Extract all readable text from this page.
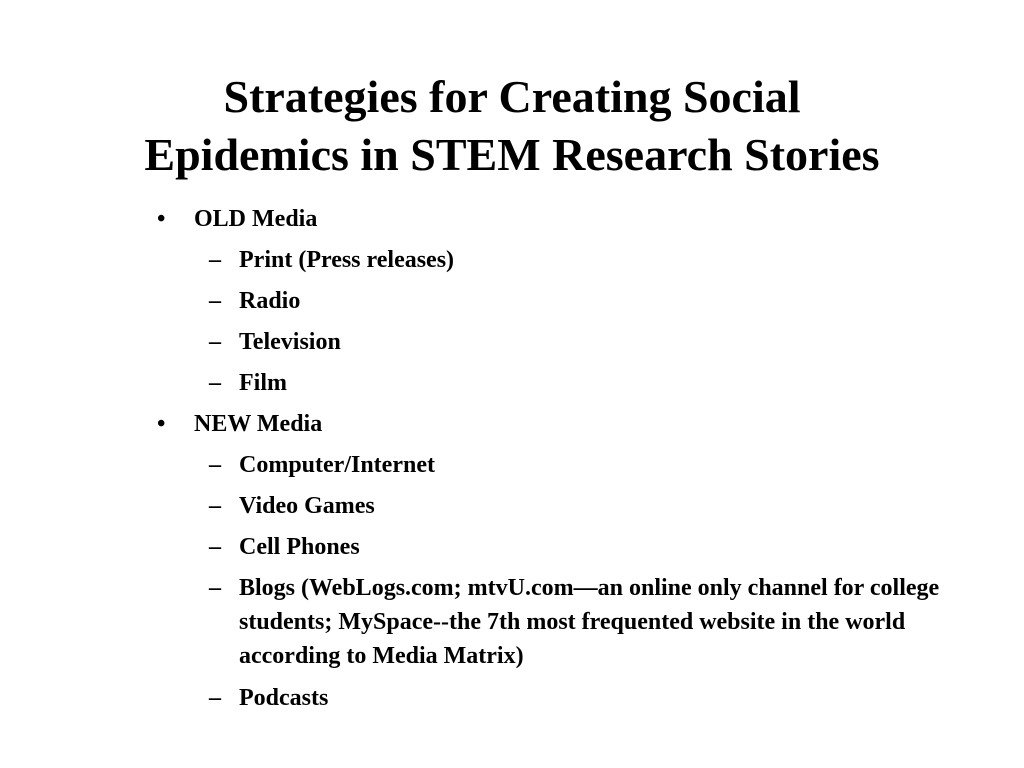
Strategies for Creating Social
Epidemics in STEM Research Stories
•	OLD Media
– Print (Press releases)
– Radio
– Television
– Film
•	NEW Media
– Computer/Internet
– Video Games
– Cell Phones
– Blogs (WebLogs.com; mtvU.com—an online only channel for college students; MySpace--the 7th most frequented website in the world according to Media Matrix)
– Podcasts
